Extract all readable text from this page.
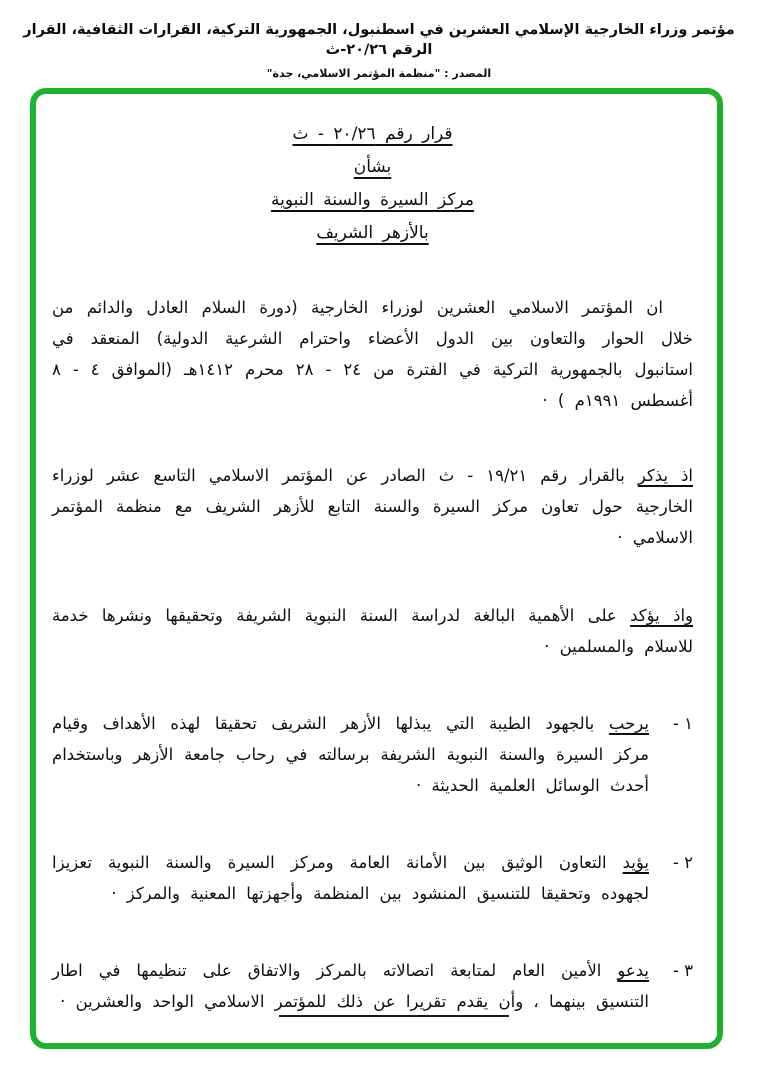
مؤتمر وزراء الخارجية الإسلامي العشرين في اسطنبول، الجمهورية التركية، القرارات الثقافية، القرار الرقم ٢٠/٢٦-ث
المصدر : "منظمة المؤتمر الاسلامي، جدة"
قرار رقم ٢٠/٢٦ - ث
بشأن
مركز السيرة والسنة النبوية
بالأزهر الشريف
ان المؤتمر الاسلامي العشرين لوزراء الخارجية (دورة السلام العادل والدائم من خلال الحوار والتعاون بين الدول الأعضاء واحترام الشرعية الدولية) المنعقد في استانبول بالجمهورية التركية في الفترة من ٢٤ - ٢٨ محرم ١٤١٢هـ (الموافق ٤ - ٨ أغسطس ١٩٩١م ) ·
اذ يذكر بالقرار رقم ١٩/٢١ - ث الصادر عن المؤتمر الاسلامي التاسع عشر لوزراء الخارجية حول تعاون مركز السيرة والسنة التابع للأزهر الشريف مع منظمة المؤتمر الاسلامي ·
واذ يؤكد على الأهمية البالغة لدراسة السنة النبوية الشريفة وتحقيقها ونشرها خدمة للاسلام والمسلمين ·
١ -
يرحب بالجهود الطيبة التي يبذلها الأزهر الشريف تحقيقا لهذه الأهداف وقيام مركز السيرة والسنة النبوية الشريفة برسالته في رحاب جامعة الأزهر وباستخدام أحدث الوسائل العلمية الحديثة ·
٢ -
يؤيد التعاون الوثيق بين الأمانة العامة ومركز السيرة والسنة النبوية تعزيزا لجهوده وتحقيقا للتنسيق المنشود بين المنظمة وأجهزتها المعنية والمركز ·
٣ -
يدعو الأمين العام لمتابعة اتصالاته بالمركز والاتفاق على تنظيمها في اطار التنسيق بينهما ، وأن يقدم تقريرا عن ذلك للمؤتمر الاسلامي الواحد والعشرين ·
